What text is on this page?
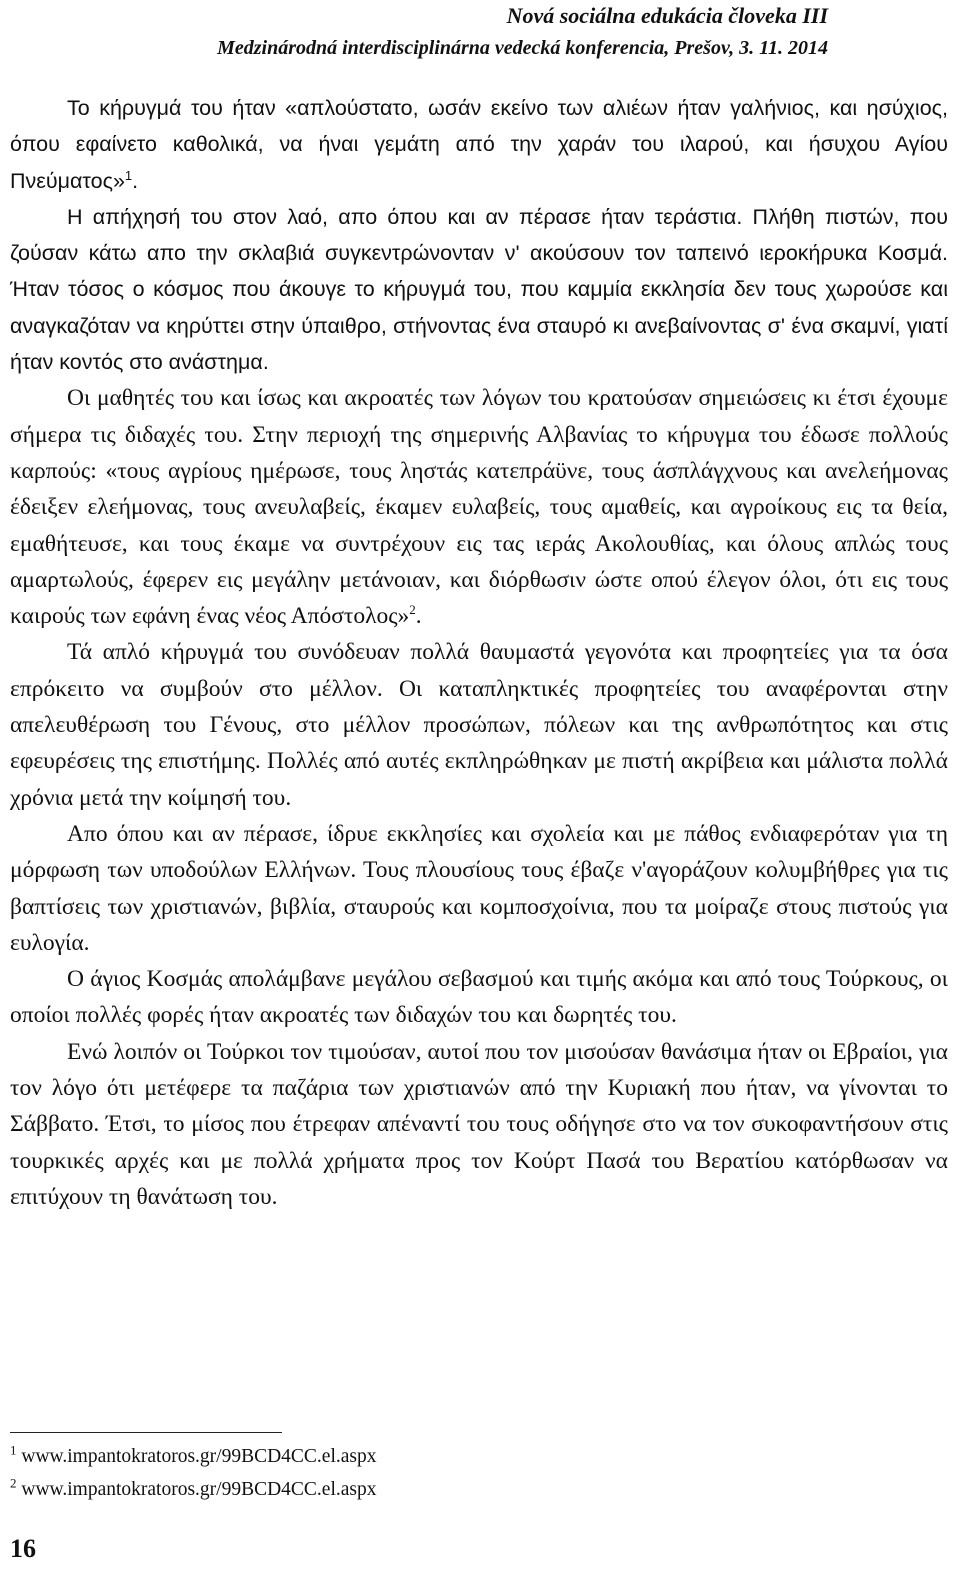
Nová sociálna edukácia človeka III
Medzinárodná interdisciplinárna vedecká konferencia, Prešov, 3. 11. 2014

Το κήρυγμά του ήταν «απλούστατο, ωσάν εκείνο των αλιέων ήταν γαλήνιος, και ησύχιος, όπου εφαίνετο καθολικά, να ήναι γεμάτη από την χαράν του ιλαρού, και ήσυχου Αγίου Πνεύματος»$^1$.

Η απήχησή του στον λαό, απο όπου και αν πέρασε ήταν τεράστια. Πλήθη πιστών, που ζούσαν κάτω απο την σκλαβιά συγκεντρώνονταν ν' ακούσουν τον ταπεινό ιεροκήρυκα Κοσμά. Ήταν τόσος ο κόσμος που άκουγε το κήρυγμά του, που καμμία εκκλησία δεν τους χωρούσε και αναγκαζόταν να κηρύττει στην ύπαιθρο, στήνοντας ένα σταυρό κι ανεβαίνοντας σ' ένα σκαμνί, γιατί ήταν κοντός στο ανάστημα.

Οι μαθητές του και ίσως και ακροατές των λόγων του κρατούσαν σημειώσεις κι έτσι έχουμε σήμερα τις διδαχές του. Στην περιοχή της σημερινής Αλβανίας το κήρυγμα του έδωσε πολλούς καρπούς: «τους αγρίους ημέρωσε, τους ληστάς κατεπράϋνε, τους άσπλάγχνους και ανελεήμονας έδειξεν ελεήμονας, τους ανευλαβείς, έκαμεν ευλαβείς, τους αμαθείς, και αγροίκους εις τα θεία, εμαθήτευσε, και τους έκαμε να συντρέχουν εις τας ιεράς Ακολουθίας, και όλους απλώς τους αμαρτωλούς, έφερεν εις μεγάλην μετάνοιαν, και διόρθωσιν ώστε οπού έλεγον όλοι, ότι εις τους καιρούς των εφάνη ένας νέος Απόστολος»$^2$.

Τά απλό κήρυγμά του συνόδευαν πολλά θαυμαστά γεγονότα και προφητείες για τα όσα επρόκειτο να συμβούν στο μέλλον. Οι καταπληκτικές προφητείες του αναφέρονται στην απελευθέρωση του Γένους, στο μέλλον προσώπων, πόλεων και της ανθρωπότητος και στις εφευρέσεις της επιστήμης. Πολλές από αυτές εκπληρώθηκαν με πιστή ακρίβεια και μάλιστα πολλά χρόνια μετά την κοίμησή του.

Απο όπου και αν πέρασε, ίδρυε εκκλησίες και σχολεία και με πάθος ενδιαφερόταν για τη μόρφωση των υποδούλων Ελλήνων. Τους πλουσίους τους έβαζε ν'αγοράζουν κολυμβήθρες για τις βαπτίσεις των χριστιανών, βιβλία, σταυρούς και κομποσχοίνια, που τα μοίραζε στους πιστούς για ευλογία.

Ο άγιος Κοσμάς απολάμβανε μεγάλου σεβασμού και τιμής ακόμα και από τους Τούρκους, οι οποίοι πολλές φορές ήταν ακροατές των διδαχών του και δωρητές του.

Ενώ λοιπόν οι Τούρκοι τον τιμούσαν, αυτοί που τον μισούσαν θανάσιμα ήταν οι Εβραίοι, για τον λόγο ότι μετέφερε τα παζάρια των χριστιανών από την Κυριακή που ήταν, να γίνονται το Σάββατο. Έτσι, το μίσος που έτρεφαν απέναντί του τους οδήγησε στο να τον συκοφαντήσουν στις τουρκικές αρχές και με πολλά χρήματα προς τον Κούρτ Πασά του Βερατίου κατόρθωσαν να επιτύχουν τη θανάτωση του.

$^1$ www.impantokratoros.gr/99BCD4CC.el.aspx
$^2$ www.impantokratoros.gr/99BCD4CC.el.aspx
16
